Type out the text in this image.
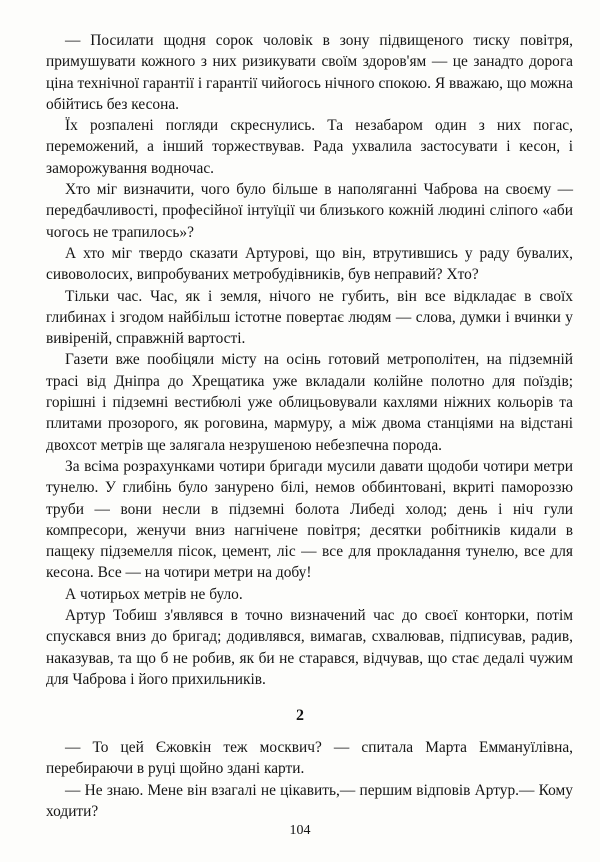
— Посилати щодня сорок чоловік в зону підвищеного тиску повітря, примушувати кожного з них ризикувати своїм здоров'ям — це занадто дорога ціна технічної гарантії і гарантії чийогось нічного спокою. Я вважаю, що можна обійтись без кесона.

Їх розпалені погляди скреснулись. Та незабаром один з них погас, переможений, а інший торжествував. Рада ухвалила застосувати і кесон, і заморожування водночас.

Хто міг визначити, чого було більше в наполяганні Чаброва на своєму — передбачливості, професійної інтуїції чи близького кожній людині сліпого «аби чогось не трапилось»?

А хто міг твердо сказати Артурові, що він, втрутившись у раду бувалих, сивоволосих, випробуваних метробудівників, був неправий? Хто?

Тільки час. Час, як і земля, нічого не губить, він все відкладає в своїх глибинах і згодом найбільш істотне повертає людям — слова, думки і вчинки у вивіреній, справжній вартості.

Газети вже пообіцяли місту на осінь готовий метрополітен, на підземній трасі від Дніпра до Хрещатика уже вкладали колійне полотно для поїздів; горішні і підземні вестибюлі уже облицьовували кахлями ніжних кольорів та плитами прозорого, як роговина, мармуру, а між двома станціями на відстані двохсот метрів ще залягала незрушеною небезпечна порода.

За всіма розрахунками чотири бригади мусили давати щодоби чотири метри тунелю. У глибінь було занурено білі, немов оббинтовані, вкриті памороззю труби — вони несли в підземні болота Либеді холод; день і ніч гули компресори, женучи вниз нагнічене повітря; десятки робітників кидали в пащеку підземелля пісок, цемент, ліс — все для прокладання тунелю, все для кесона. Все — на чотири метри на добу!

А чотирьох метрів не було.

Артур Тобиш з'являвся в точно визначений час до своєї конторки, потім спускався вниз до бригад; додивлявся, вимагав, схвалював, підписував, радив, наказував, та що б не робив, як би не старався, відчував, що стає дедалі чужим для Чаброва і його прихильників.

2

— То цей Єжовкін теж москвич? — спитала Марта Еммануїлівна, перебираючи в руці щойно здані карти.

— Не знаю. Мене він взагалі не цікавить,— першим відповів Артур.— Кому ходити?

104
